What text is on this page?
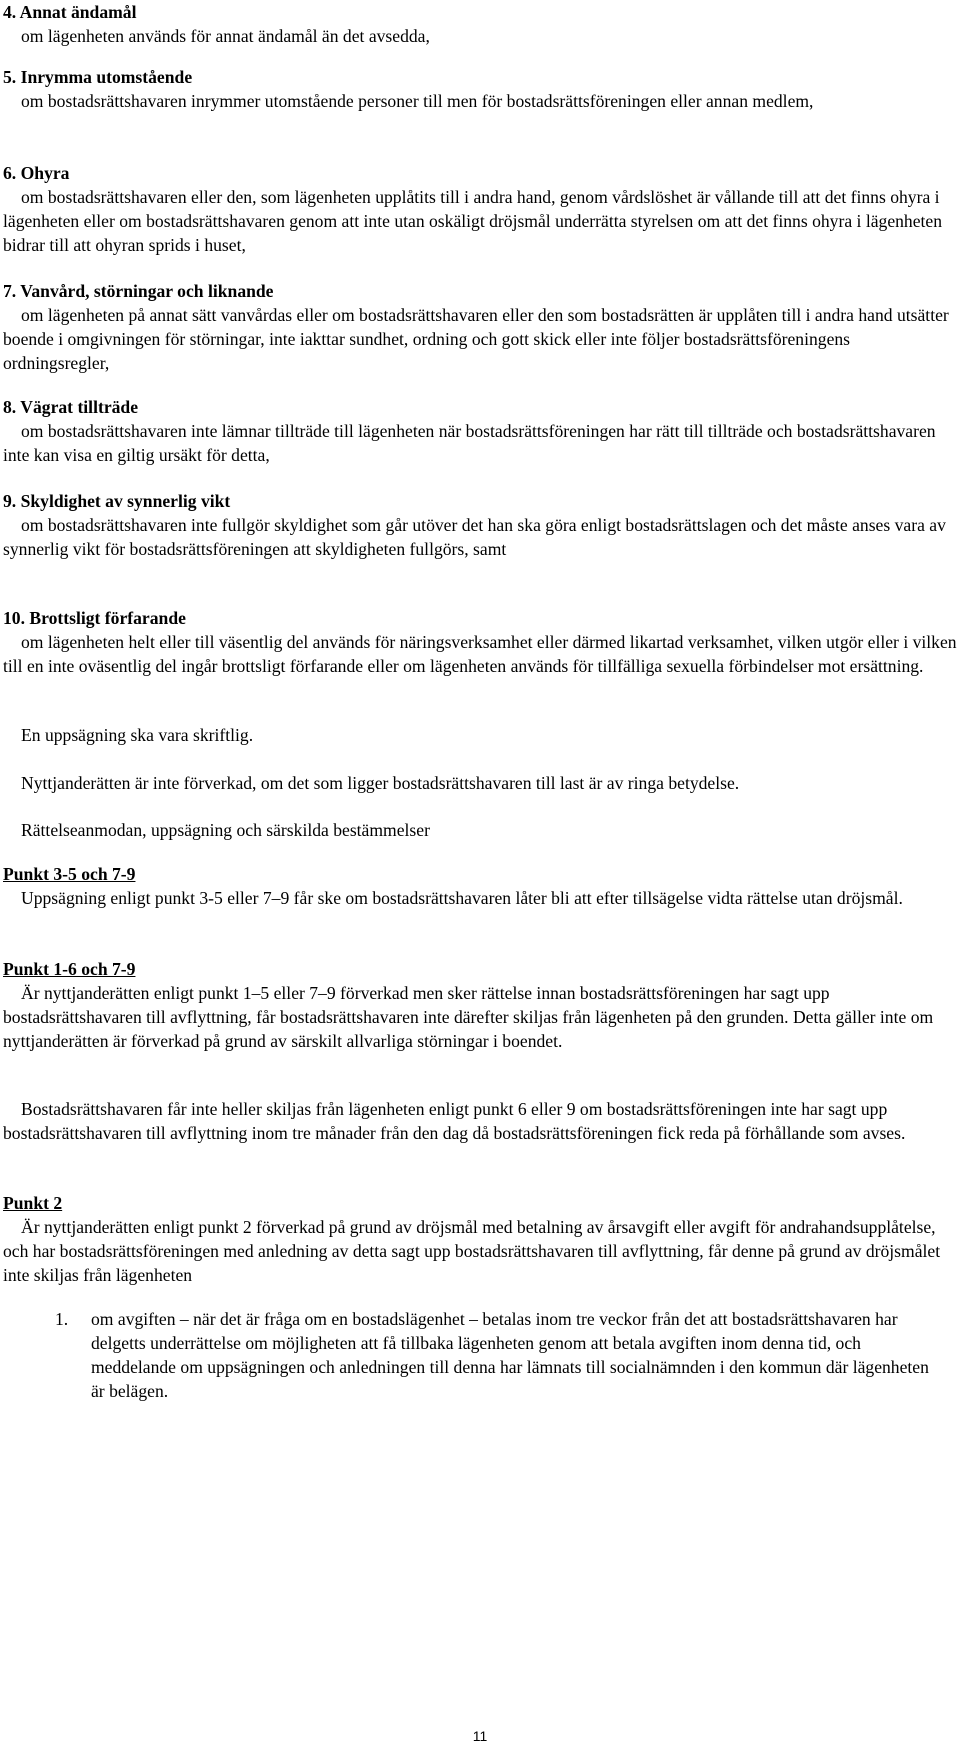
4. Annat ändamål

om lägenheten används för annat ändamål än det avsedda,

5. Inrymma utomstående

om bostadsrättshavaren inrymmer utomstående personer till men för bostadsrättsföreningen eller annan medlem,

6. Ohyra

om bostadsrättshavaren eller den, som lägenheten upplåtits till i andra hand, genom vårdslöshet är vållande till att det finns ohyra i lägenheten eller om bostadsrättshavaren genom att inte utan oskäligt dröjsmål underrätta styrelsen om att det finns ohyra i lägenheten bidrar till att ohyran sprids i huset,

7. Vanvård, störningar och liknande

om lägenheten på annat sätt vanvårdas eller om bostadsrättshavaren eller den som bostadsrätten är upplåten till i andra hand utsätter boende i omgivningen för störningar, inte iakttar sundhet, ordning och gott skick eller inte följer bostadsrättsföreningens ordningsregler,

8. Vägrat tillträde

om bostadsrättshavaren inte lämnar tillträde till lägenheten när bostadsrättsföreningen har rätt till tillträde och bostadsrättshavaren inte kan visa en giltig ursäkt för detta,

9. Skyldighet av synnerlig vikt

om bostadsrättshavaren inte fullgör skyldighet som går utöver det han ska göra enligt bostadsrättslagen och det måste anses vara av synnerlig vikt för bostadsrättsföreningen att skyldigheten fullgörs, samt

10. Brottsligt förfarande

om lägenheten helt eller till väsentlig del används för näringsverksamhet eller därmed likartad verksamhet, vilken utgör eller i vilken till en inte oväsentlig del ingår brottsligt förfarande eller om lägenheten används för tillfälliga sexuella förbindelser mot ersättning.

En uppsägning ska vara skriftlig.

Nyttjanderätten är inte förverkad, om det som ligger bostadsrättshavaren till last är av ringa betydelse.

Rättelseanmodan, uppsägning och särskilda bestämmelser

Punkt 3-5 och 7-9

Uppsägning enligt punkt 3-5 eller 7–9 får ske om bostadsrättshavaren låter bli att efter tillsägelse vidta rättelse utan dröjsmål.

Punkt 1-6 och 7-9

Är nyttjanderätten enligt punkt 1–5 eller 7–9 förverkad men sker rättelse innan bostadsrättsföreningen har sagt upp bostadsrättshavaren till avflyttning, får bostadsrättshavaren inte därefter skiljas från lägenheten på den grunden. Detta gäller inte om nyttjanderätten är förverkad på grund av särskilt allvarliga störningar i boendet.

Bostadsrättshavaren får inte heller skiljas från lägenheten enligt punkt 6 eller 9 om bostadsrättsföreningen inte har sagt upp bostadsrättshavaren till avflyttning inom tre månader från den dag då bostadsrättsföreningen fick reda på förhållande som avses.

Punkt 2

Är nyttjanderätten enligt punkt 2 förverkad på grund av dröjsmål med betalning av årsavgift eller avgift för andrahandsupplåtelse, och har bostadsrättsföreningen med anledning av detta sagt upp bostadsrättshavaren till avflyttning, får denne på grund av dröjsmålet inte skiljas från lägenheten

1. om avgiften – när det är fråga om en bostadslägenhet – betalas inom tre veckor från det att bostadsrättshavaren har delgetts underrättelse om möjligheten att få tillbaka lägenheten genom att betala avgiften inom denna tid, och meddelande om uppsägningen och anledningen till denna har lämnats till socialnämnden i den kommun där lägenheten är belägen.

11
